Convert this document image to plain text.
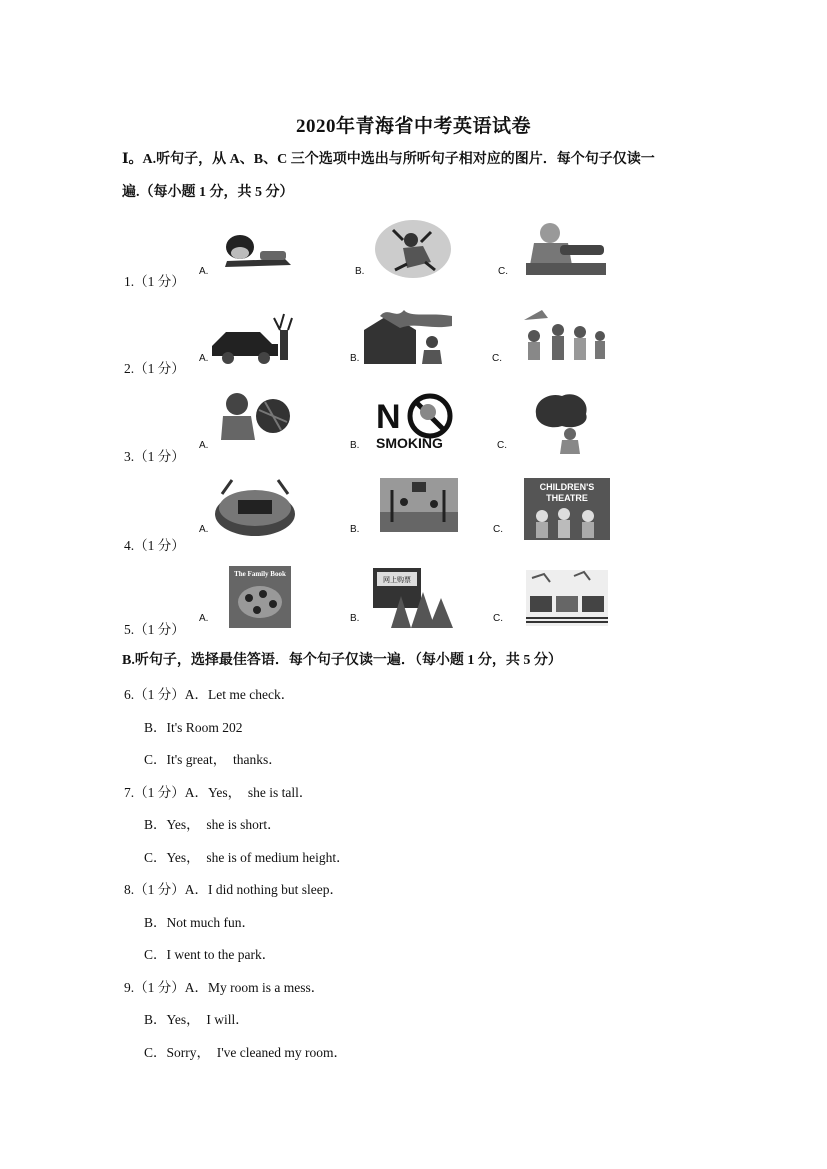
2020年青海省中考英语试卷
Ⅰ。A.听句子，从 A、B、C 三个选项中选出与所听句子相对应的图片．每个句子仅读一
遍.（每小题 1 分，共 5 分）
1.（1 分）
A.	B.	C.
2.（1 分）
A.	B.	C.
3.（1 分）
A.	B.
N
SMOKING	C.
4.（1 分）
A.	B.	C.
CHILDREN'S
THEATRE
5.（1 分）
A.
The Family Book
B.
网上购票
C.
B.听句子，选择最佳答语．每个句子仅读一遍．（每小题 1 分，共 5 分）
6.（1 分）A．Let me check．
B．It's Room 202
C．It's great，  thanks．
7.（1 分）A．Yes，  she is tall．
B．Yes，  she is short．
C．Yes，  she is of medium height．
8.（1 分）A．I did nothing but sleep．
B．Not much fun．
C．I went to the park．
9.（1 分）A．My room is a mess．
B．Yes，  I will．
C．Sorry，  I've cleaned my room．
